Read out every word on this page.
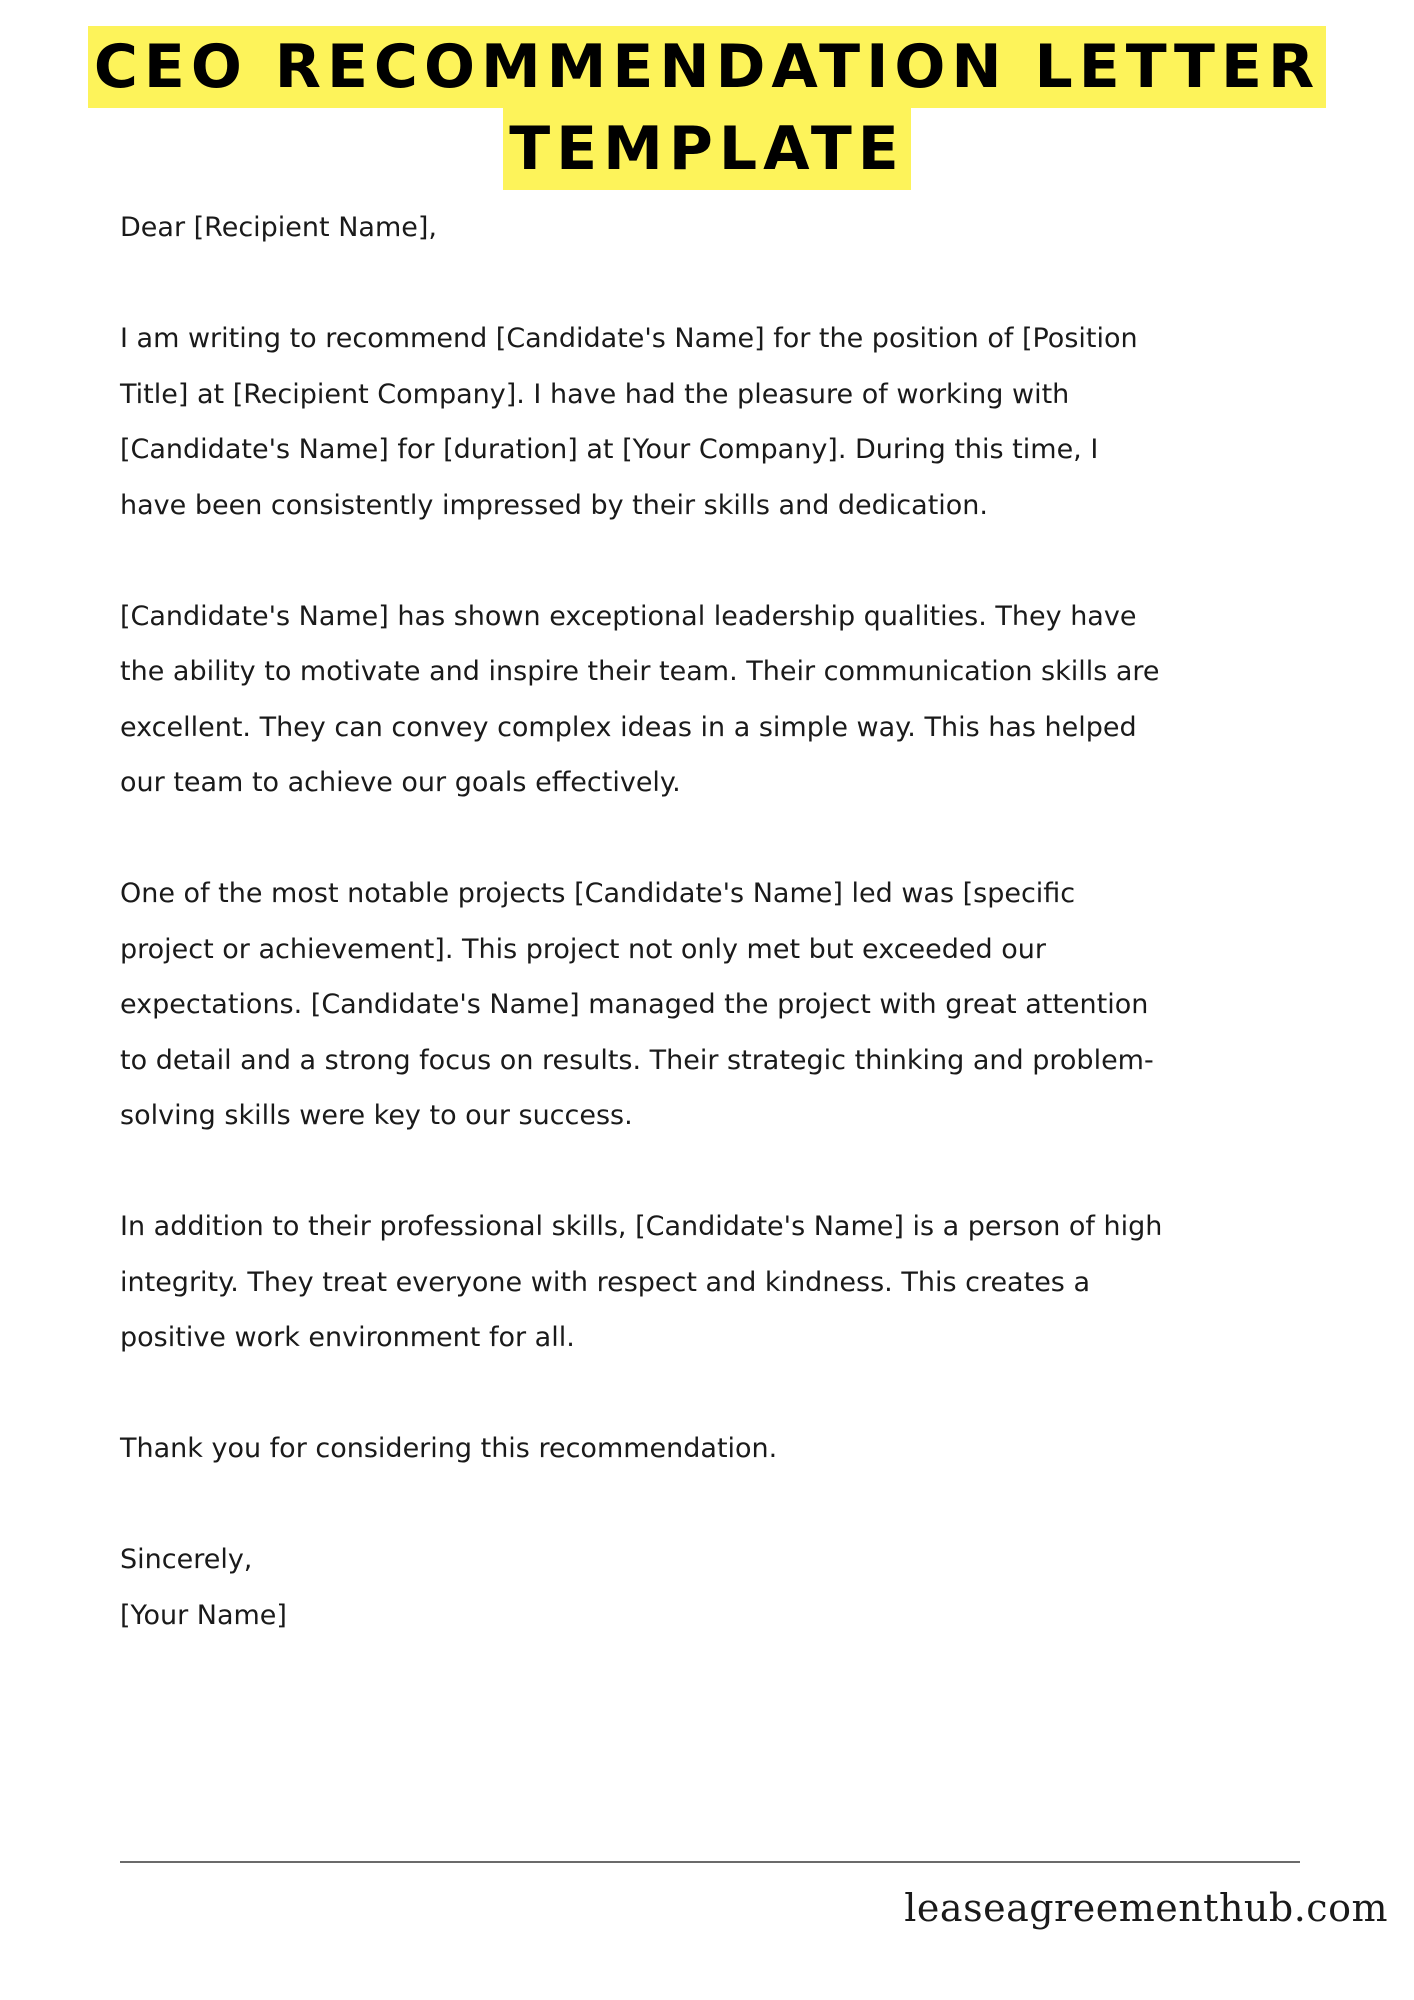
CEO RECOMMENDATION LETTER
TEMPLATE

Dear [Recipient Name],

I am writing to recommend [Candidate's Name] for the position of [Position
Title] at [Recipient Company]. I have had the pleasure of working with
[Candidate's Name] for [duration] at [Your Company]. During this time, I
have been consistently impressed by their skills and dedication.

[Candidate's Name] has shown exceptional leadership qualities. They have
the ability to motivate and inspire their team. Their communication skills are
excellent. They can convey complex ideas in a simple way. This has helped
our team to achieve our goals effectively.

One of the most notable projects [Candidate's Name] led was [specific
project or achievement]. This project not only met but exceeded our
expectations. [Candidate's Name] managed the project with great attention
to detail and a strong focus on results. Their strategic thinking and problem-
solving skills were key to our success.

In addition to their professional skills, [Candidate's Name] is a person of high
integrity. They treat everyone with respect and kindness. This creates a
positive work environment for all.

Thank you for considering this recommendation.

Sincerely,
[Your Name]
leaseagreementhub.com
